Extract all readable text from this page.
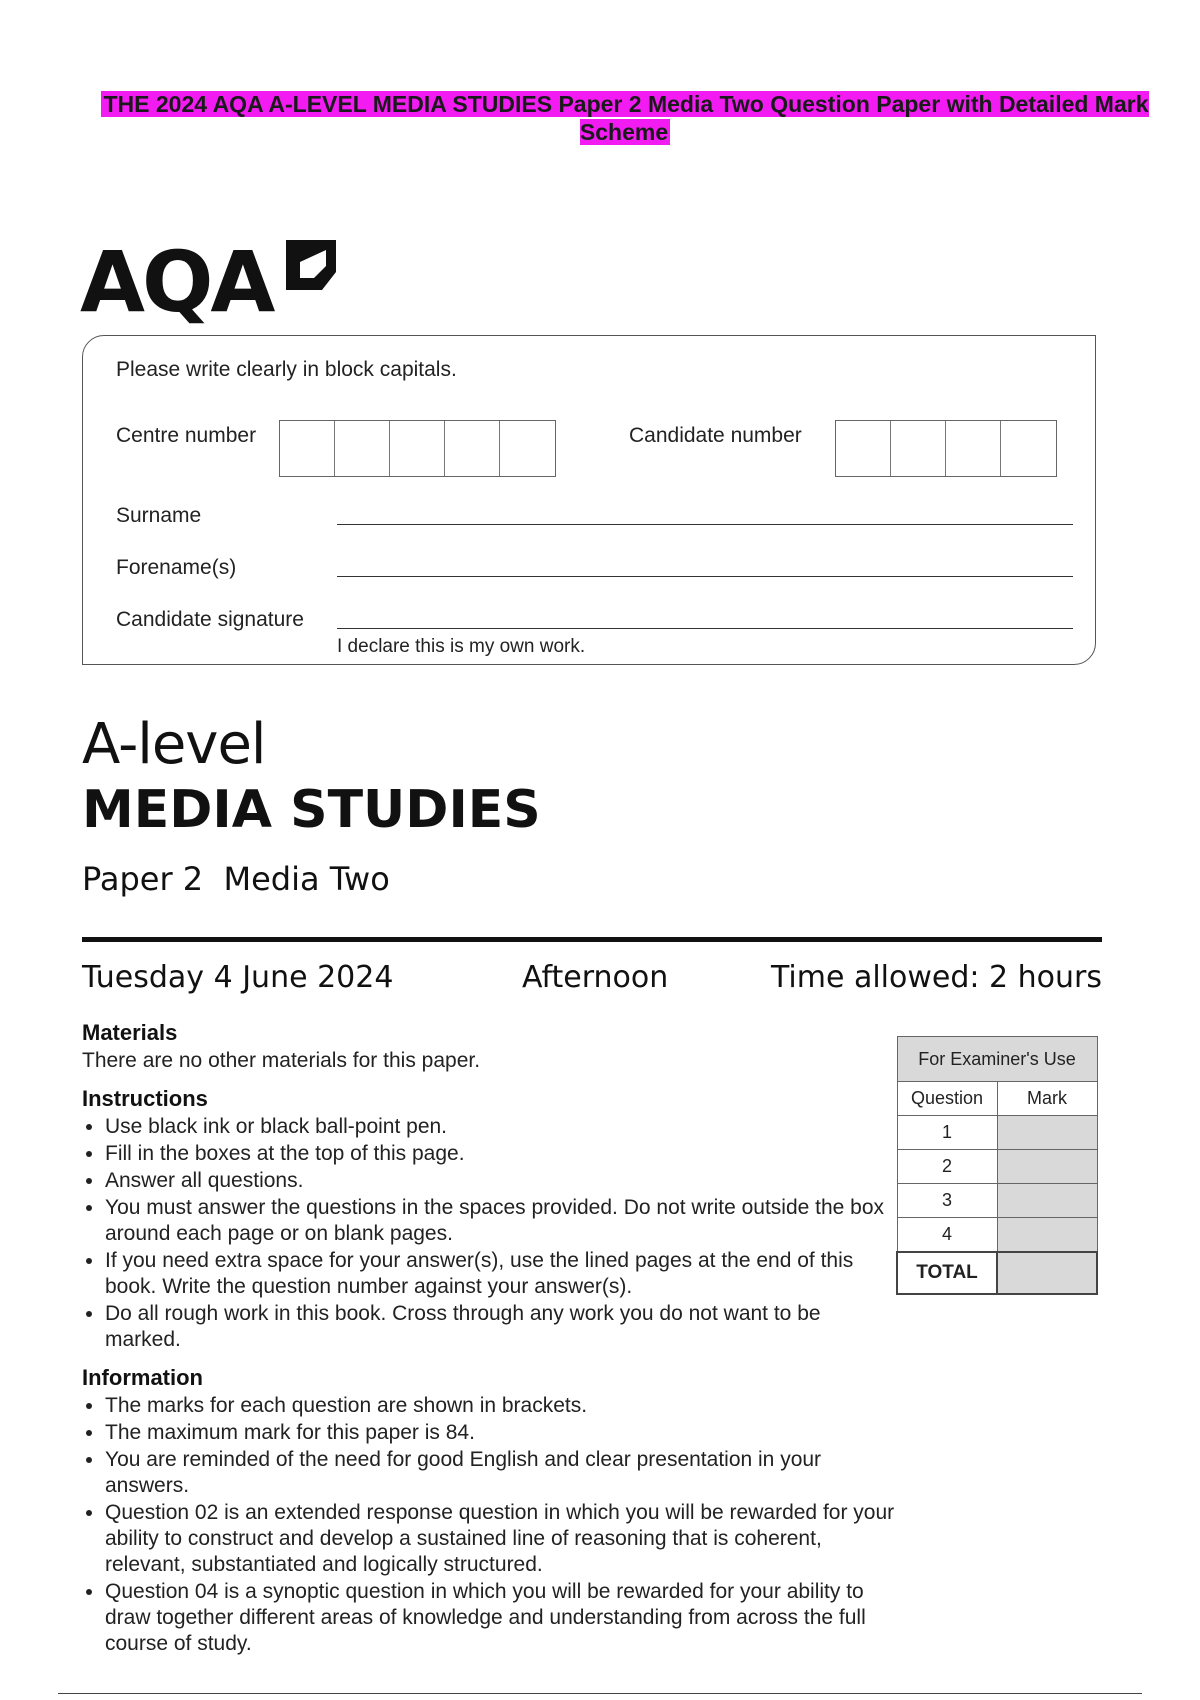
THE 2024 AQA A-LEVEL MEDIA STUDIES Paper 2 Media Two Question Paper with Detailed Mark Scheme
AQA
Please write clearly in block capitals.
Centre number	Candidate number
Surname
Forename(s)
Candidate signature
I declare this is my own work.
A-level
MEDIA STUDIES
Paper 2  Media Two
Tuesday 4 June 2024	Afternoon	Time allowed: 2 hours
Materials

There are no other materials for this paper.

Instructions
• Use black ink or black ball-point pen.
• Fill in the boxes at the top of this page.
• Answer all questions.
• You must answer the questions in the spaces provided. Do not write outside the box around each page or on blank pages.
• If you need extra space for your answer(s), use the lined pages at the end of this book. Write the question number against your answer(s).
• Do all rough work in this book. Cross through any work you do not want to be marked.
Information
• The marks for each question are shown in brackets.
• The maximum mark for this paper is 84.
• You are reminded of the need for good English and clear presentation in your answers.
• Question 02 is an extended response question in which you will be rewarded for your ability to construct and develop a sustained line of reasoning that is coherent, relevant, substantiated and logically structured.
• Question 04 is a synoptic question in which you will be rewarded for your ability to draw together different areas of knowledge and understanding from across the full course of study.
For Examiner's Use	
Question	Mark
1	
2	
3	
4	
TOTAL	
